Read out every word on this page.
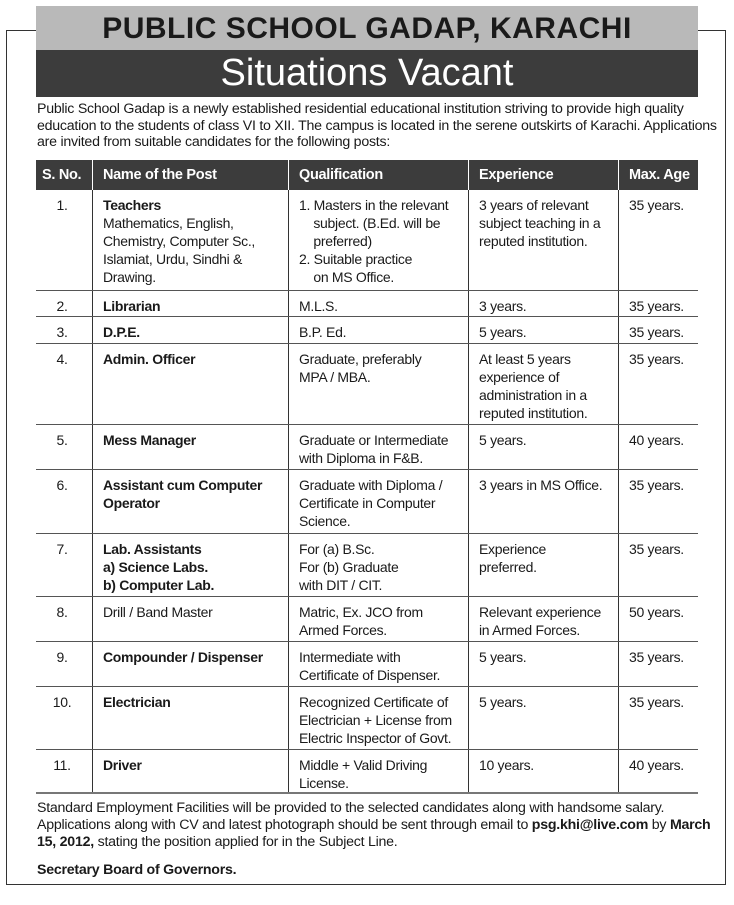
PUBLIC SCHOOL GADAP, KARACHI
Situations Vacant
Public School Gadap is a newly established residential educational institution striving to provide high quality education to the students of class VI to XII. The campus is located in the serene outskirts of Karachi. Applications are invited from suitable candidates for the following posts:
S. No.	Name of the Post	Qualification	Experience	Max. Age
1.	Teachers
Mathematics, English,
Chemistry, Computer Sc.,
Islamiat, Urdu, Sindhi &
Drawing.	1. Masters in the relevant
subject. (B.Ed. will be
preferred)
2. Suitable practice
on MS Office.	3 years of relevant
subject teaching in a
reputed institution.	35 years.
2.	Librarian	M.L.S.	3 years.	35 years.
3.	D.P.E.	B.P. Ed.	5 years.	35 years.
4.	Admin. Officer	Graduate, preferably
MPA / MBA.	At least 5 years
experience of
administration in a
reputed institution.	35 years.
5.	Mess Manager	Graduate or Intermediate
with Diploma in F&B.	5 years.	40 years.
6.	Assistant cum Computer
Operator	Graduate with Diploma /
Certificate in Computer
Science.	3 years in MS Office.	35 years.
7.	Lab. Assistants
a) Science Labs.
b) Computer Lab.	For (a) B.Sc.
For (b) Graduate
with DIT / CIT.	Experience
preferred.	35 years.
8.	Drill / Band Master	Matric, Ex. JCO from
Armed Forces.	Relevant experience
in Armed Forces.	50 years.
9.	Compounder / Dispenser	Intermediate with
Certificate of Dispenser.	5 years.	35 years.
10.	Electrician	Recognized Certificate of
Electrician + License from
Electric Inspector of Govt.	5 years.	35 years.
11.	Driver	Middle + Valid Driving
License.	10 years.	40 years.
Standard Employment Facilities will be provided to the selected candidates along with handsome salary. Applications along with CV and latest photograph should be sent through email to psg.khi@live.com by March 15, 2012, stating the position applied for in the Subject Line.
Secretary Board of Governors.
